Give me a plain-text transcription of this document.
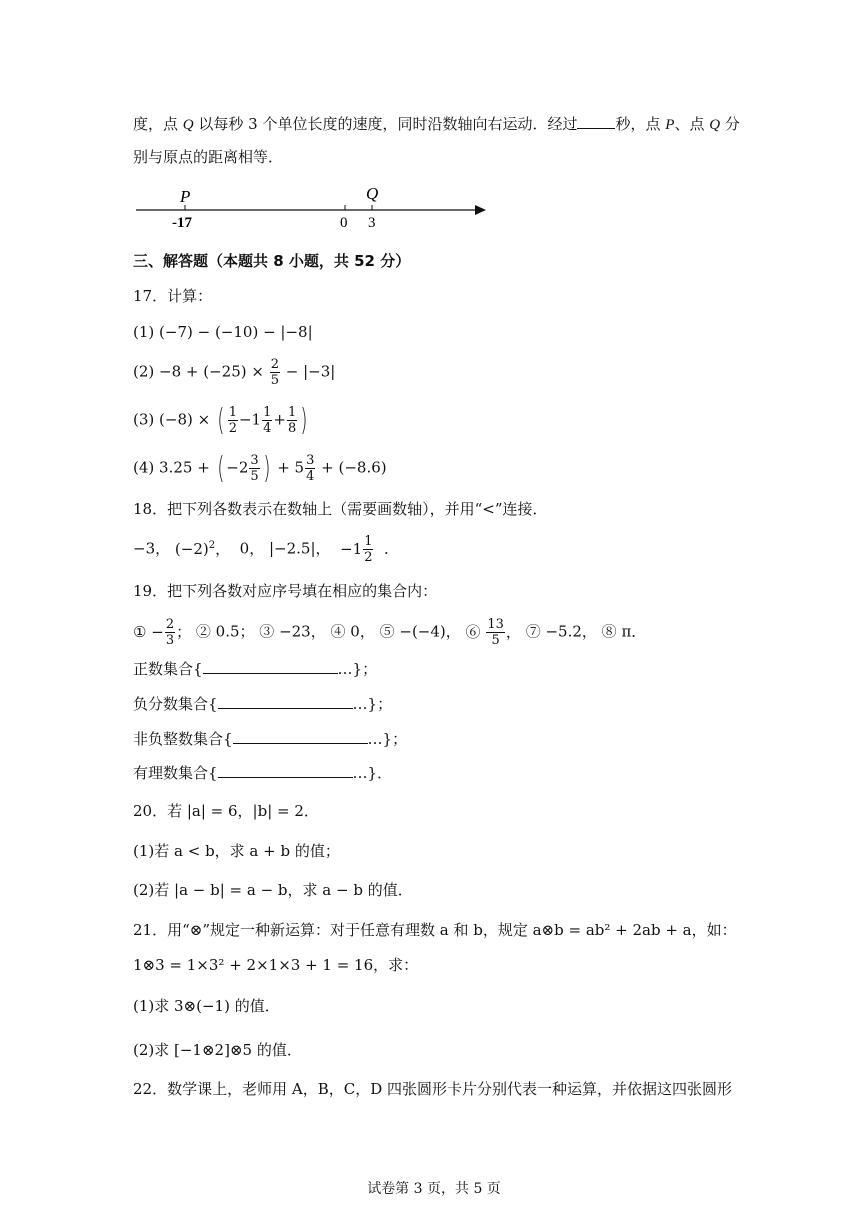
度，点 Q 以每秒 3 个单位长度的速度，同时沿数轴向右运动．经过	秒，点 P、点 Q 分
别与原点的距离相等．
P	Q
-17	0 3
三、解答题（本题共 8 小题，共 52 分）
17．计算：
(1) (−7) − (−10) − |−8|
$(2) -8 + (-25) \times \frac{2}{5} - |-3|$
(3) (−8) × ( $\frac{1}{2} -1 \frac{1}{4} + \frac{1}{8}$ )
(4) 3.25 + ( $-2 \frac{3}{5}$ ) + $5 \frac{3}{4} + (-8.6)$
18．把下列各数表示在数轴上（需要画数轴），并用“<”连接．
−3， $(-2)^2$， 0， |−2.5|， $-1 \frac{1}{2}$ ．
19．把下列各数对应序号填在相应的集合内：
① − $\frac{2}{3}$ ； ② 0.5； ③ −23， ④ 0， ⑤ −(−4)， ⑥ $\frac{13}{5}$ ， ⑦ −5.2， ⑧ π．
正数集合{	…}；
负分数集合{	…}；
非负整数集合{	…}；
有理数集合{	…}．
20．若 |a| = 6，|b| = 2．
(1)若 a < b，求 a + b 的值；
(2)若 |a − b| = a − b，求 a − b 的值．
21．用“⊗”规定一种新运算：对于任意有理数 a 和 b，规定 a⊗b = ab² + 2ab + a，如：
1⊗3 = 1×3² + 2×1×3 + 1 = 16，求：
(1)求 3⊗(−1) 的值．
(2)求 [−1⊗2]⊗5 的值．
22．数学课上，老师用 A，B，C，D 四张圆形卡片分别代表一种运算，并依据这四张圆形
试卷第 3 页，共 5 页
